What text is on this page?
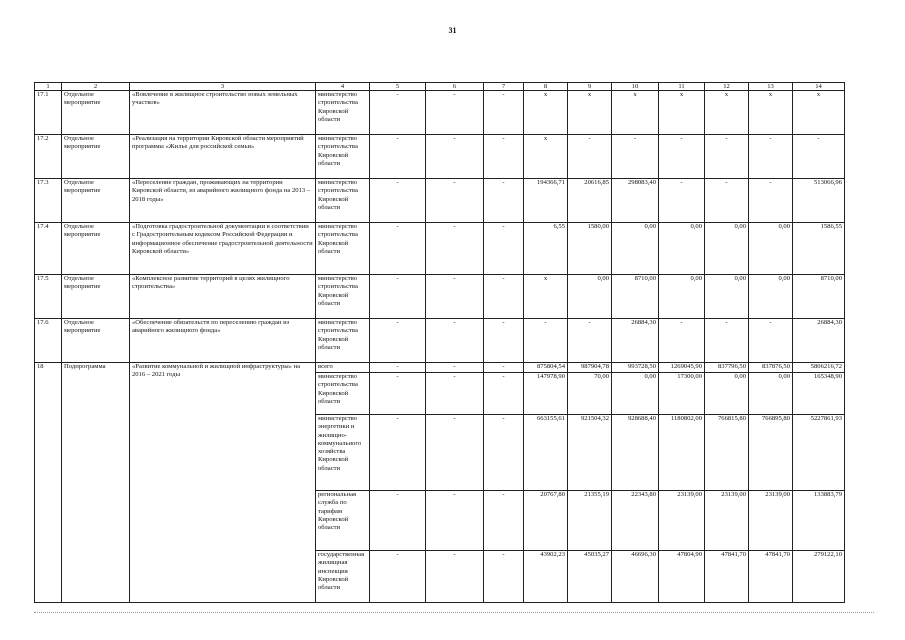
31
1	2	3	4	5	6	7	8	9	10	11	12	13	14
17.1	Отдельное мероприятие	«Вовлечение в жилищное строительство новых земельных участков»	министерство строительства Кировской области	-	-	-	х	х	х	х	х	х	х
17.2	Отдельное мероприятие	«Реализация на территории Кировской области мероприятий программы «Жилье для российской семьи»	министерство строительства Кировской области	-	-	-	х	-	-	-	-	-	-
17.3	Отдельное мероприятие	«Переселение граждан, проживающих на территории Кировской области, из аварийного жилищного фонда на 2013 – 2018 годы»	министерство строительства Кировской области	-	-	-	194366,71	20616,85	298083,40	-	-	-	513066,96
17.4	Отдельное мероприятие	«Подготовка градостроительной документации в соответствии с Градостроительным кодексом Российской Федерации и информационное обеспечение градостроительной деятельности Кировской области»	министерство строительства Кировской области	-	-	-	6,55	1580,00	0,00	0,00	0,00	0,00	1586,55
17.5	Отдельное мероприятие	«Комплексное развитие территорий в целях жилищного строительства»	министерство строительства Кировской области	-	-	-	х	0,00	8710,00	0,00	0,00	0,00	8710,00
17.6	Отдельное мероприятие	«Обеспечение обязательств по переселению граждан из аварийного жилищного фонда»	министерство строительства Кировской области	-	-	-	-	-	26884,30	-	-	-	26884,30
18	Подпрограмма	«Развитие коммунальной и жилищной инфраструктуры» на 2016 – 2021 годы	всего	-	-	-	875804,54	987904,78	993728,50	1269045,90	837796,50	837876,50	5806216,72
			министерство строительства Кировской области	-	-	-	147978,90	70,00	0,00	17300,00	0,00	0,00	165348,90
			министерство энергетики и жилищно-коммунального хозяйства Кировской области	-	-	-	663155,61	921504,32	928688,40	1180802,00	766815,80	766895,80	5227861,93
			региональная служба по тарифам Кировской области	-	-	-	20767,80	21355,19	22343,80	23139,00	23139,00	23139,00	133883,79
			государственная жилищная инспекция Кировской области	-	-	-	43902,23	45035,27	46696,30	47804,90	47841,70	47841,70	279122,10
